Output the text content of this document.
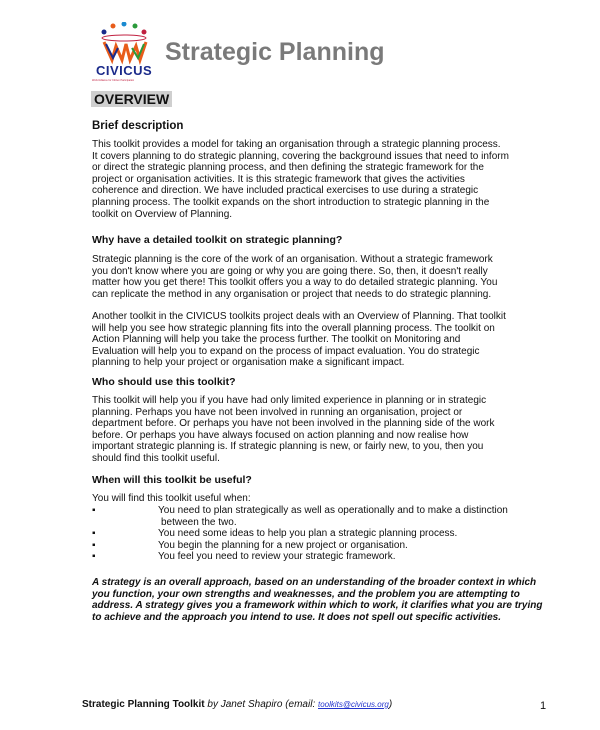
CIVICUS
World Alliance for Citizen Participation
Strategic Planning
OVERVIEW
Brief description
This toolkit provides a model for taking an organisation through a strategic planning process.
It covers planning to do strategic planning, covering the background issues that need to inform
or direct the strategic planning process, and then defining the strategic framework for the
project or organisation activities. It is this strategic framework that gives the activities
coherence and direction. We have included practical exercises to use during a strategic
planning process. The toolkit expands on the short introduction to strategic planning in the
toolkit on Overview of Planning.
Why have a detailed toolkit on strategic planning?
Strategic planning is the core of the work of an organisation. Without a strategic framework
you don't know where you are going or why you are going there. So, then, it doesn't really
matter how you get there! This toolkit offers you a way to do detailed strategic planning. You
can replicate the method in any organisation or project that needs to do strategic planning.
Another toolkit in the CIVICUS toolkits project deals with an Overview of Planning. That toolkit
will help you see how strategic planning fits into the overall planning process. The toolkit on
Action Planning will help you take the process further. The toolkit on Monitoring and
Evaluation will help you to expand on the process of impact evaluation. You do strategic
planning to help your project or organisation make a significant impact.
Who should use this toolkit?
This toolkit will help you if you have had only limited experience in planning or in strategic
planning. Perhaps you have not been involved in running an organisation, project or
department before. Or perhaps you have not been involved in the planning side of the work
before. Or perhaps you have always focused on action planning and now realise how
important strategic planning is. If strategic planning is new, or fairly new, to you, then you
should find this toolkit useful.
When will this toolkit be useful?
You will find this toolkit useful when:
▪	You need to plan strategically as well as operationally and to make a distinction
between the two.
▪	You need some ideas to help you plan a strategic planning process.
▪	You begin the planning for a new project or organisation.
▪	You feel you need to review your strategic framework.
A strategy is an overall approach, based on an understanding of the broader context in which
you function, your own strengths and weaknesses, and the problem you are attempting to
address. A strategy gives you a framework within which to work, it clarifies what you are trying
to achieve and the approach you intend to use. It does not spell out specific activities.
Strategic Planning Toolkit by Janet Shapiro (email: toolkits@civicus.org)	1
